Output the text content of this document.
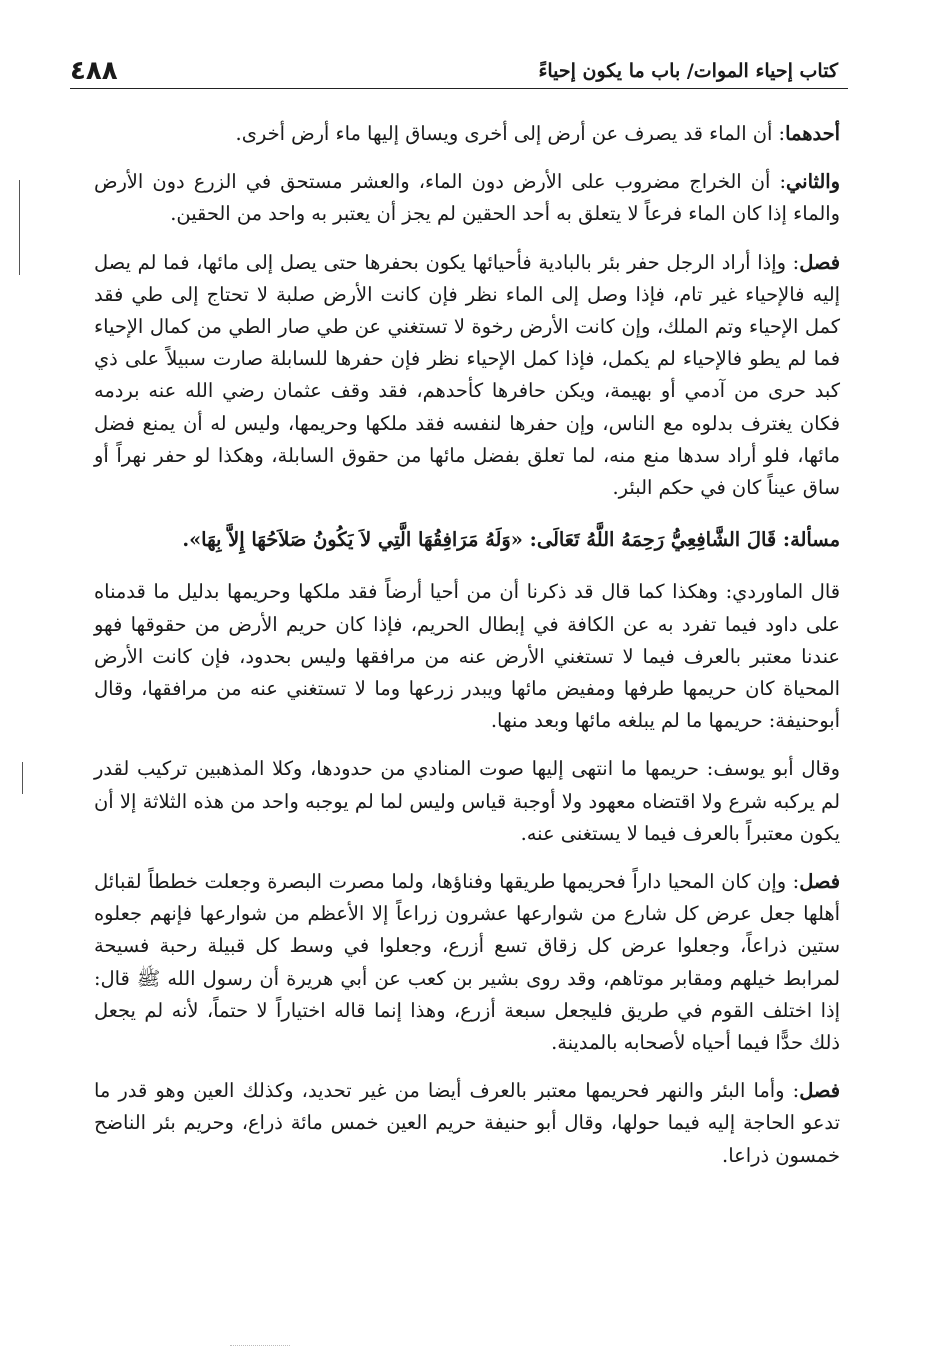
كتاب إحياء الموات/ باب ما يكون إحياءً
٤٨٨

أحدهما: أن الماء قد يصرف عن أرض إلى أخرى ويساق إليها ماء أرض أخرى.

والثاني: أن الخراج مضروب على الأرض دون الماء، والعشر مستحق في الزرع دون الأرض والماء إذا كان الماء فرعاً لا يتعلق به أحد الحقين لم يجز أن يعتبر به واحد من الحقين.

فصل: وإذا أراد الرجل حفر بئر بالبادية فأحيائها يكون بحفرها حتى يصل إلى مائها، فما لم يصل إليه فالإحياء غير تام، فإذا وصل إلى الماء نظر فإن كانت الأرض صلبة لا تحتاج إلى طي فقد كمل الإحياء وتم الملك، وإن كانت الأرض رخوة لا تستغني عن طي صار الطي من كمال الإحياء فما لم يطو فالإحياء لم يكمل، فإذا كمل الإحياء نظر فإن حفرها للسابلة صارت سبيلاً على ذي كبد حرى من آدمي أو بهيمة، ويكن حافرها كأحدهم، فقد وقف عثمان رضي الله عنه بردمه فكان يغترف بدلوه مع الناس، وإن حفرها لنفسه فقد ملكها وحريمها، وليس له أن يمنع فضل مائها، فلو أراد سدها منع منه، لما تعلق بفضل مائها من حقوق السابلة، وهكذا لو حفر نهراً أو ساق عيناً كان في حكم البئر.

مسألة: قَالَ الشَّافِعِيُّ رَحِمَهُ اللَّهُ تَعَالَى: «وَلَهُ مَرَافِقُهَا الَّتِي لاَ يَكُونُ صَلاَحُهَا إِلاَّ بِهَا».

قال الماوردي: وهكذا كما قال قد ذكرنا أن من أحيا أرضاً فقد ملكها وحريمها بدليل ما قدمناه على داود فيما تفرد به عن الكافة في إبطال الحريم، فإذا كان حريم الأرض من حقوقها فهو عندنا معتبر بالعرف فيما لا تستغني الأرض عنه من مرافقها وليس بحدود، فإن كانت الأرض المحياة كان حريمها طرفها ومفيض مائها ويبدر زرعها وما لا تستغني عنه من مرافقها، وقال أبوحنيفة: حريمها ما لم يبلغه مائها وبعد منها.

وقال أبو يوسف: حريمها ما انتهى إليها صوت المنادي من حدودها، وكلا المذهبين تركيب لقدر لم يركبه شرع ولا اقتضاه معهود ولا أوجبة قياس وليس لما لم يوجبه واحد من هذه الثلاثة إلا أن يكون معتبراً بالعرف فيما لا يستغنى عنه.

فصل: وإن كان المحيا داراً فحريمها طريقها وفناؤها، ولما مصرت البصرة وجعلت خططاً لقبائل أهلها جعل عرض كل شارع من شوارعها عشرون زراعاً إلا الأعظم من شوارعها فإنهم جعلوه ستين ذراعاً، وجعلوا عرض كل زقاق تسع أزرع، وجعلوا في وسط كل قبيلة رحبة فسيحة لمرابط خيلهم ومقابر موتاهم، وقد روى بشير بن كعب عن أبي هريرة أن رسول الله ﷺ قال: إذا اختلف القوم في طريق فليجعل سبعة أزرع، وهذا إنما قاله اختياراً لا حتماً، لأنه لم يجعل ذلك حدًّا فيما أحياه لأصحابه بالمدينة.

فصل: وأما البئر والنهر فحريمها معتبر بالعرف أيضا من غير تحديد، وكذلك العين وهو قدر ما تدعو الحاجة إليه فيما حولها، وقال أبو حنيفة حريم العين خمس مائة ذراع، وحريم بئر الناضح خمسون ذراعا.
